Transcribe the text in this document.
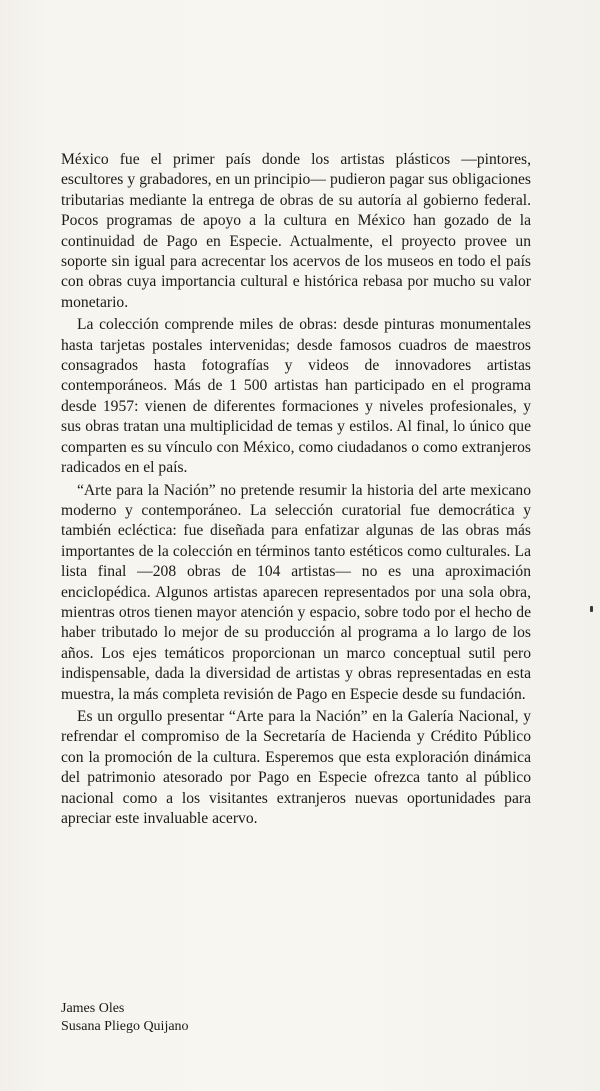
México fue el primer país donde los artistas plásticos —pintores, escultores y grabadores, en un principio— pudieron pagar sus obligaciones tributarias mediante la entrega de obras de su autoría al gobierno federal. Pocos programas de apoyo a la cultura en México han gozado de la continuidad de Pago en Especie. Actualmente, el proyecto provee un soporte sin igual para acrecentar los acervos de los museos en todo el país con obras cuya importancia cultural e histórica rebasa por mucho su valor monetario.

La colección comprende miles de obras: desde pinturas monumentales hasta tarjetas postales intervenidas; desde famosos cuadros de maestros consagrados hasta fotografías y videos de innovadores artistas contemporáneos. Más de 1 500 artistas han participado en el programa desde 1957: vienen de diferentes formaciones y niveles profesionales, y sus obras tratan una multiplicidad de temas y estilos. Al final, lo único que comparten es su vínculo con México, como ciudadanos o como extranjeros radicados en el país.

“Arte para la Nación” no pretende resumir la historia del arte mexicano moderno y contemporáneo. La selección curatorial fue democrática y también ecléctica: fue diseñada para enfatizar algunas de las obras más importantes de la colección en términos tanto estéticos como culturales. La lista final —208 obras de 104 artistas— no es una aproximación enciclopédica. Algunos artistas aparecen representados por una sola obra, mientras otros tienen mayor atención y espacio, sobre todo por el hecho de haber tributado lo mejor de su producción al programa a lo largo de los años. Los ejes temáticos proporcionan un marco conceptual sutil pero indispensable, dada la diversidad de artistas y obras representadas en esta muestra, la más completa revisión de Pago en Especie desde su fundación.

Es un orgullo presentar “Arte para la Nación” en la Galería Nacional, y refrendar el compromiso de la Secretaría de Hacienda y Crédito Público con la promoción de la cultura. Esperemos que esta exploración dinámica del patrimonio atesorado por Pago en Especie ofrezca tanto al público nacional como a los visitantes extranjeros nuevas oportunidades para apreciar este invaluable acervo.

James Oles
Susana Pliego Quijano
